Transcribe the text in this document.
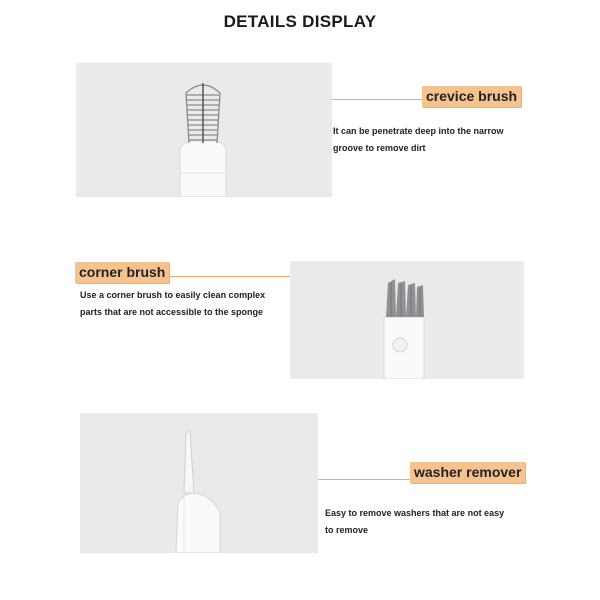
DETAILS DISPLAY
crevice brush
It can be penetrate deep into the narrow
groove to remove dirt
corner brush
Use a corner brush to easily clean complex
parts that are not accessible to the sponge
washer remover
Easy to remove washers that are not easy
to remove
